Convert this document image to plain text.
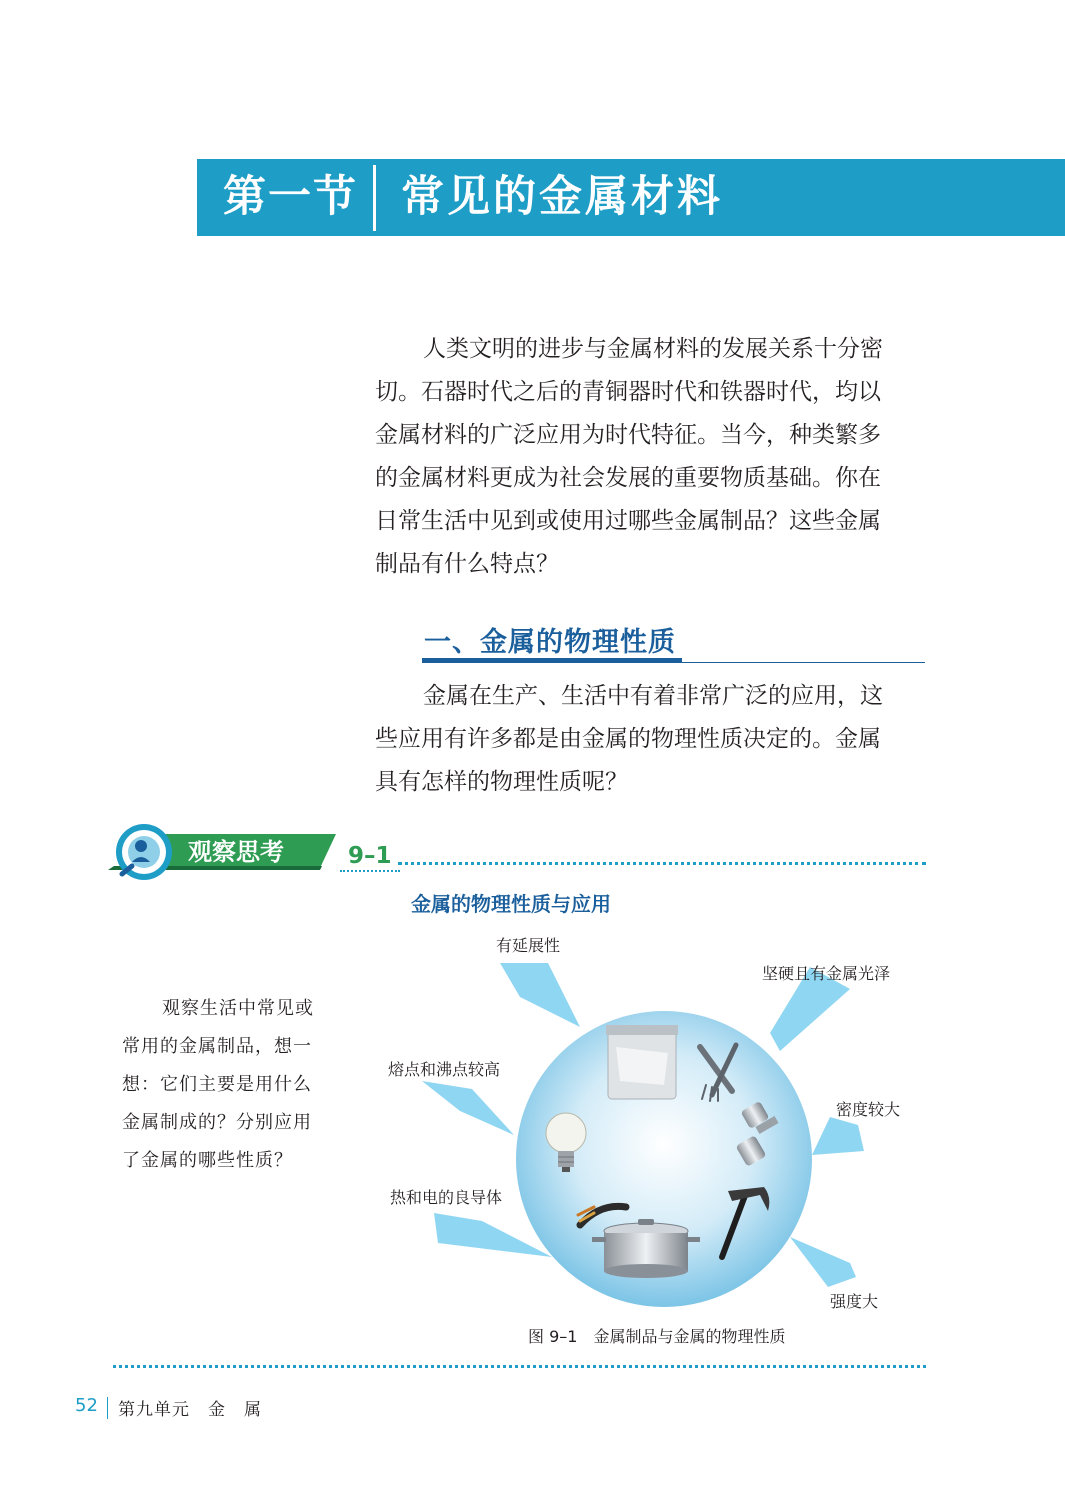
第一节 常见的金属材料
人类文明的进步与金属材料的发展关系十分密
切。石器时代之后的青铜器时代和铁器时代，均以
金属材料的广泛应用为时代特征。当今，种类繁多
的金属材料更成为社会发展的重要物质基础。你在
日常生活中见到或使用过哪些金属制品？这些金属
制品有什么特点？
一、金属的物理性质
金属在生产、生活中有着非常广泛的应用，这
些应用有许多都是由金属的物理性质决定的。金属
具有怎样的物理性质呢？
观察思考	9–1
金属的物理性质与应用
观察生活中常见或
常用的金属制品，想一
想：它们主要是用什么
金属制成的？分别应用
了金属的哪些性质？
有延展性
坚硬且有金属光泽
熔点和沸点较高
密度较大
热和电的良导体
强度大
图 9–1　金属制品与金属的物理性质
52 第九单元　金　属
